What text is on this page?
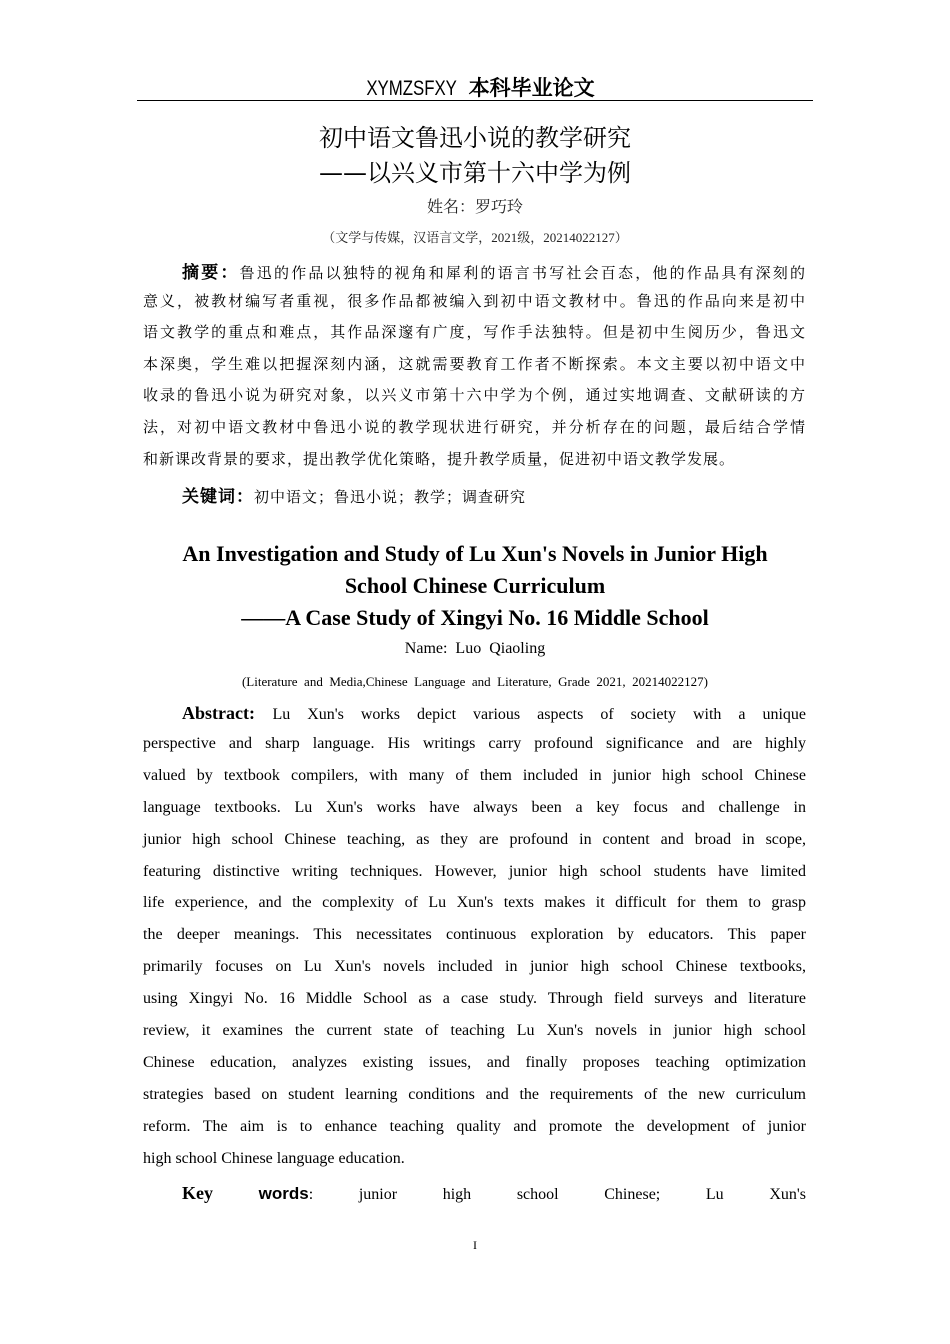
XYMZSFXY 本科毕业论文
初中语文鲁迅小说的教学研究
——以兴义市第十六中学为例
姓名：罗巧玲
（文学与传媒，汉语言文学，2021级，20214022127）
摘要：鲁迅的作品以独特的视角和犀利的语言书写社会百态，他的作品具有深刻的
意义，被教材编写者重视，很多作品都被编入到初中语文教材中。鲁迅的作品向来是初中
语文教学的重点和难点，其作品深邃有广度，写作手法独特。但是初中生阅历少，鲁迅文
本深奥，学生难以把握深刻内涵，这就需要教育工作者不断探索。本文主要以初中语文中
收录的鲁迅小说为研究对象，以兴义市第十六中学为个例，通过实地调查、文献研读的方
法，对初中语文教材中鲁迅小说的教学现状进行研究，并分析存在的问题，最后结合学情
和新课改背景的要求，提出教学优化策略，提升教学质量，促进初中语文教学发展。
关键词：初中语文；鲁迅小说；教学；调查研究
An Investigation and Study of Lu Xun's Novels in Junior High
School Chinese Curriculum
——A Case Study of Xingyi No. 16 Middle School
Name:  Luo  Qiaoling
(Literature  and  Media,Chinese  Language  and  Literature,  Grade  2021,  20214022127)
Abstract: Lu Xun's works depict various aspects of society with a unique
perspective and sharp language. His writings carry profound significance and are highly
valued by textbook compilers, with many of them included in junior high school Chinese
language textbooks. Lu Xun's works have always been a key focus and challenge in
junior high school Chinese teaching, as they are profound in content and broad in scope,
featuring distinctive writing techniques. However, junior high school students have limited
life experience, and the complexity of Lu Xun's texts makes it difficult for them to grasp
the deeper meanings. This necessitates continuous exploration by educators. This paper
primarily focuses on Lu Xun's novels included in junior high school Chinese textbooks,
using Xingyi No. 16 Middle School as a case study. Through field surveys and literature
review, it examines the current state of teaching Lu Xun's novels in junior high school
Chinese education, analyzes existing issues, and finally proposes teaching optimization
strategies based on student learning conditions and the requirements of the new curriculum
reform. The aim is to enhance teaching quality and promote the development of junior
high school Chinese language education.
Key	words: junior high school Chinese; Lu Xun's
I
